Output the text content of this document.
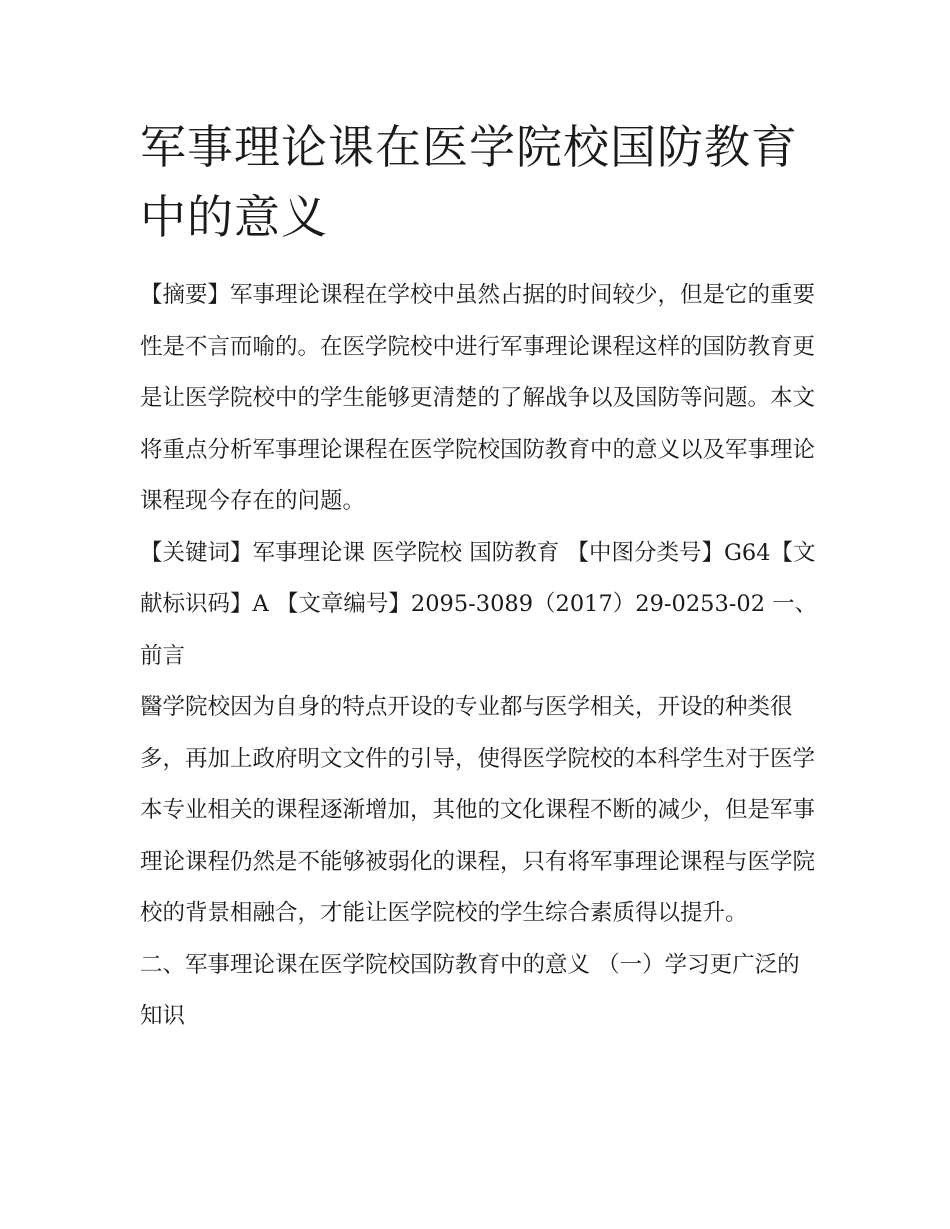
军事理论课在医学院校国防教育中的意义

【摘要】军事理论课程在学校中虽然占据的时间较少，但是它的重要性是不言而喻的。在医学院校中进行军事理论课程这样的国防教育更是让医学院校中的学生能够更清楚的了解战争以及国防等问题。本文将重点分析军事理论课程在医学院校国防教育中的意义以及军事理论课程现今存在的问题。

【关键词】军事理论课 医学院校 国防教育 【中图分类号】G64【文献标识码】A 【文章编号】2095-3089（2017）29-0253-02 一、前言

醫学院校因为自身的特点开设的专业都与医学相关，开设的种类很多，再加上政府明文文件的引导，使得医学院校的本科学生对于医学本专业相关的课程逐渐增加，其他的文化课程不断的减少，但是军事理论课程仍然是不能够被弱化的课程，只有将军事理论课程与医学院校的背景相融合，才能让医学院校的学生综合素质得以提升。

二、军事理论课在医学院校国防教育中的意义 （一）学习更广泛的知识
